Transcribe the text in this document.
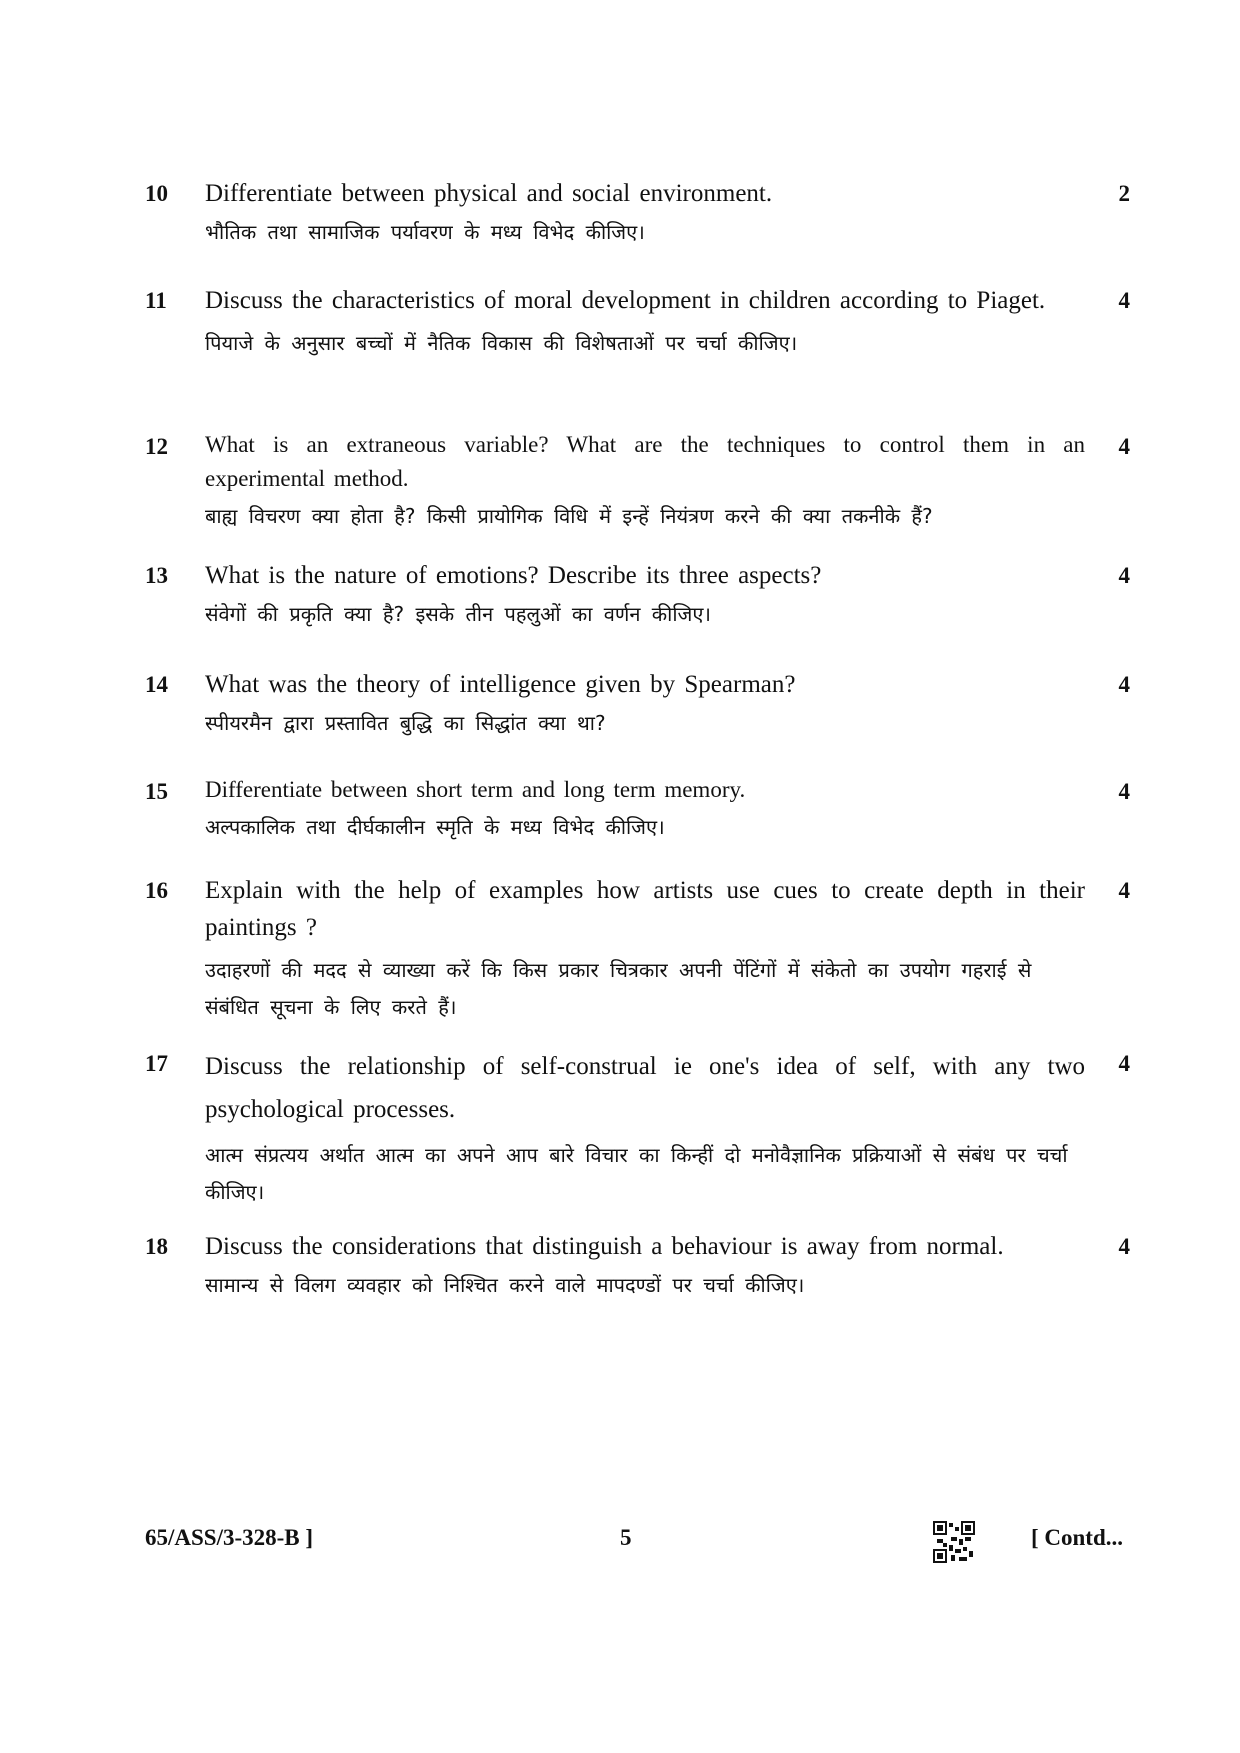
10	2
Differentiate between physical and social environment.
भौतिक तथा सामाजिक पर्यावरण के मध्य विभेद कीजिए।
11	4
Discuss the characteristics of moral development in children according to Piaget.
पियाजे के अनुसार बच्चों में नैतिक विकास की विशेषताओं पर चर्चा कीजिए।
12	4
What is an extraneous variable? What are the techniques to control them in an experimental method.
बाह्य विचरण क्या होता है? किसी प्रायोगिक विधि में इन्हें नियंत्रण करने की क्या तकनीके हैं?
13	4
What is the nature of emotions? Describe its three aspects?
संवेगों की प्रकृति क्या है? इसके तीन पहलुओं का वर्णन कीजिए।
14	4
What was the theory of intelligence given by Spearman?
स्पीयरमैन द्वारा प्रस्तावित बुद्धि का सिद्धांत क्या था?
15	4
Differentiate between short term and long term memory.
अल्पकालिक तथा दीर्घकालीन स्मृति के मध्य विभेद कीजिए।
16	4
Explain with the help of examples how artists use cues to create depth in their paintings ?
उदाहरणों की मदद से व्याख्या करें कि किस प्रकार चित्रकार अपनी पेंटिंगों में संकेतो का उपयोग गहराई से संबंधित सूचना के लिए करते हैं।
17	4
Discuss the relationship of self-construal ie one's idea of self, with any two psychological processes.
आत्म संप्रत्यय अर्थात आत्म का अपने आप बारे विचार का किन्हीं दो मनोवैज्ञानिक प्रक्रियाओं से संबंध पर चर्चा कीजिए।
18	4
Discuss the considerations that distinguish a behaviour is away from normal.
सामान्य से विलग व्यवहार को निश्चित करने वाले मापदण्डों पर चर्चा कीजिए।
65/ASS/3-328-B ]	5	[ Contd...
